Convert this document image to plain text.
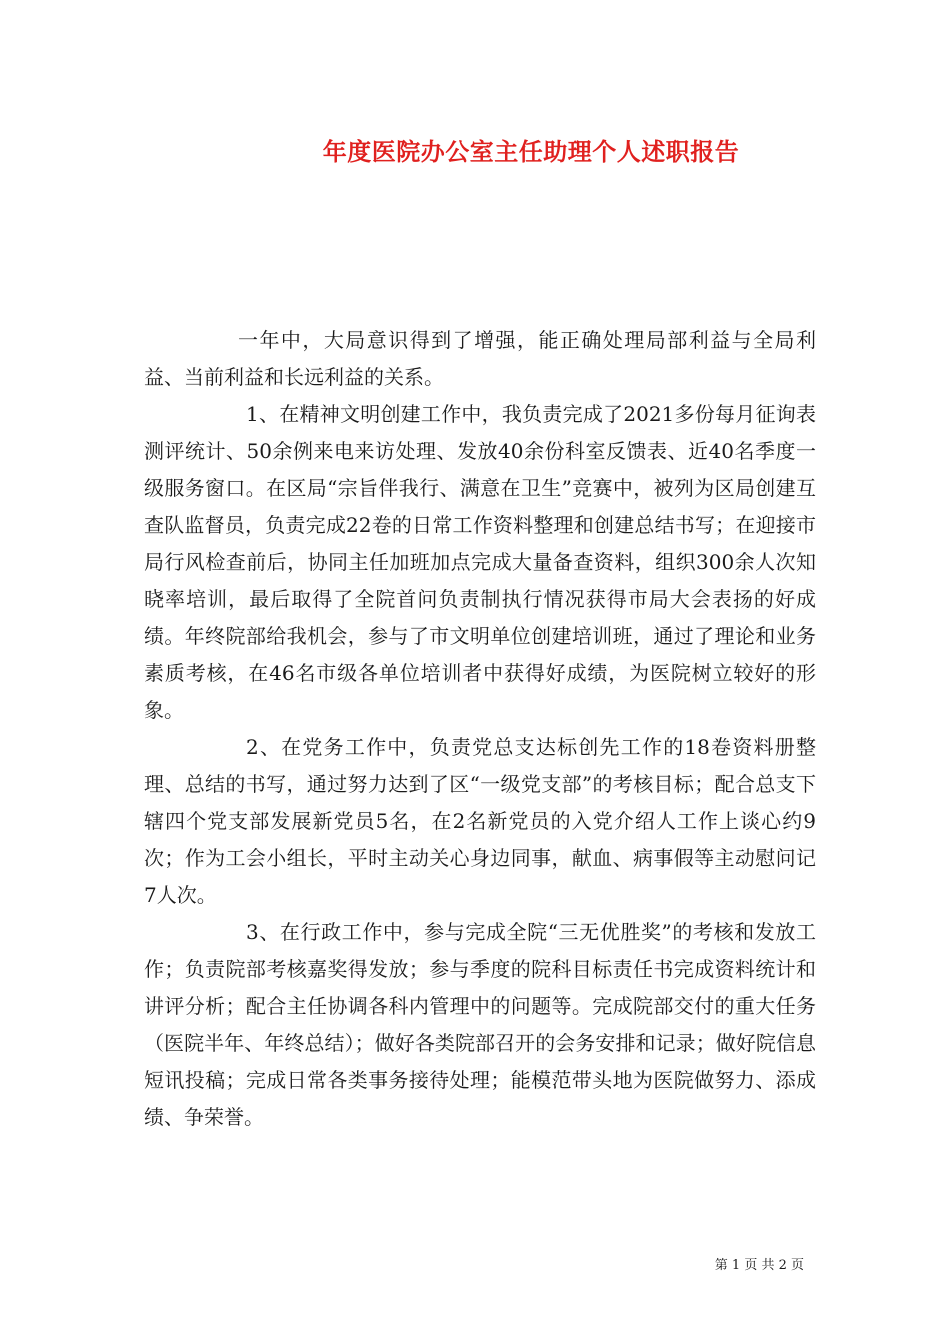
年度医院办公室主任助理个人述职报告

一年中，大局意识得到了增强，能正确处理局部利益与全局利益、当前利益和长远利益的关系。

1、在精神文明创建工作中，我负责完成了2021多份每月征询表测评统计、50余例来电来访处理、发放40余份科室反馈表、近40名季度一级服务窗口。在区局“宗旨伴我行、满意在卫生”竞赛中，被列为区局创建互查队监督员，负责完成22卷的日常工作资料整理和创建总结书写；在迎接市局行风检查前后，协同主任加班加点完成大量备查资料，组织300余人次知晓率培训，最后取得了全院首问负责制执行情况获得市局大会表扬的好成绩。年终院部给我机会，参与了市文明单位创建培训班，通过了理论和业务素质考核，在46名市级各单位培训者中获得好成绩，为医院树立较好的形象。

2、在党务工作中，负责党总支达标创先工作的18卷资料册整理、总结的书写，通过努力达到了区“一级党支部”的考核目标；配合总支下辖四个党支部发展新党员5名，在2名新党员的入党介绍人工作上谈心约9次；作为工会小组长，平时主动关心身边同事，献血、病事假等主动慰问记7人次。

3、在行政工作中，参与完成全院“三无优胜奖”的考核和发放工作；负责院部考核嘉奖得发放；参与季度的院科目标责任书完成资料统计和讲评分析；配合主任协调各科内管理中的问题等。完成院部交付的重大任务（医院半年、年终总结）；做好各类院部召开的会务安排和记录；做好院信息短讯投稿；完成日常各类事务接待处理；能模范带头地为医院做努力、添成绩、争荣誉。

第 1 页 共 2 页
